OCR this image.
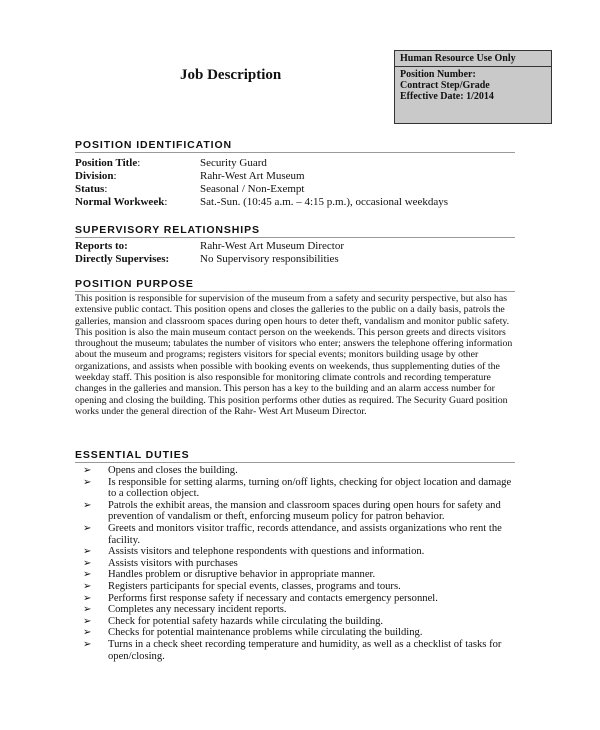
Human Resource Use Only
Position Number:
Contract Step/Grade
Effective Date: 1/2014
Job Description
POSITION IDENTIFICATION
Position Title:	Security Guard
Division:	Rahr-West Art Museum
Status:	Seasonal / Non-Exempt
Normal Workweek:	Sat.-Sun. (10:45 a.m. – 4:15 p.m.), occasional weekdays
SUPERVISORY RELATIONSHIPS
Reports to:	Rahr-West Art Museum Director
Directly Supervises:	No Supervisory responsibilities
POSITION PURPOSE
This position is responsible for supervision of the museum from a safety and security perspective, but also has extensive public contact. This position opens and closes the galleries to the public on a daily basis, patrols the galleries, mansion and classroom spaces during open hours to deter theft, vandalism and monitor public safety. This position is also the main museum contact person on the weekends. This person greets and directs visitors throughout the museum; tabulates the number of visitors who enter; answers the telephone offering information about the museum and programs; registers visitors for special events; monitors building usage by other organizations, and assists when possible with booking events on weekends, thus supplementing duties of the weekday staff. This position is also responsible for monitoring climate controls and recording temperature changes in the galleries and mansion. This person has a key to the building and an alarm access number for opening and closing the building. This position performs other duties as required. The Security Guard position works under the general direction of the Rahr- West Art Museum Director.
ESSENTIAL DUTIES
➢ Opens and closes the building.
➢ Is responsible for setting alarms, turning on/off lights, checking for object location and damage to a collection object.
➢ Patrols the exhibit areas, the mansion and classroom spaces during open hours for safety and prevention of vandalism or theft, enforcing museum policy for patron behavior.
➢ Greets and monitors visitor traffic, records attendance, and assists organizations who rent the facility.
➢ Assists visitors and telephone respondents with questions and information.
➢ Assists visitors with purchases
➢ Handles problem or disruptive behavior in appropriate manner.
➢ Registers participants for special events, classes, programs and tours.
➢ Performs first response safety if necessary and contacts emergency personnel.
➢ Completes any necessary incident reports.
➢ Check for potential safety hazards while circulating the building.
➢ Checks for potential maintenance problems while circulating the building.
➢ Turns in a check sheet recording temperature and humidity, as well as a checklist of tasks for open/closing.
